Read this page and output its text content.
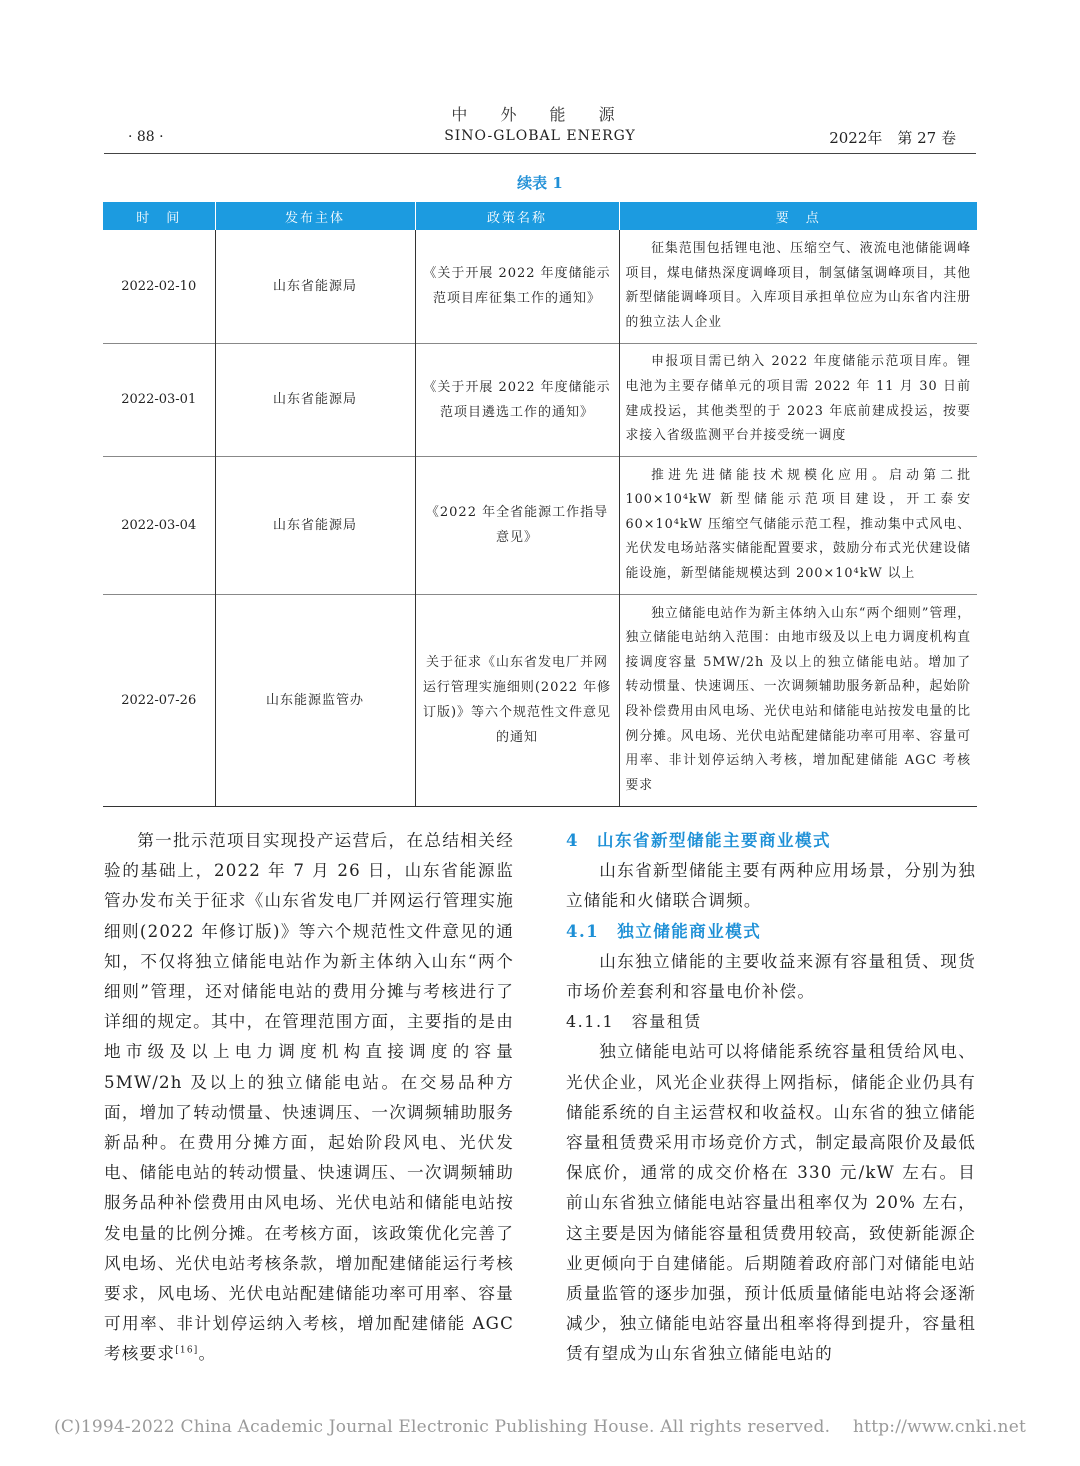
中 外 能 源
· 88 ·	SINO-GLOBAL ENERGY	2022年　第 27 卷
续表 1
时　间	发布主体	政策名称	要　点
2022-02-10	山东省能源局	《关于开展 2022 年度储能示范项目库征集工作的通知》	征集范围包括锂电池、压缩空气、液流电池储能调峰项目，煤电储热深度调峰项目，制氢储氢调峰项目，其他新型储能调峰项目。入库项目承担单位应为山东省内注册的独立法人企业

2022-03-01	山东省能源局	《关于开展 2022 年度储能示范项目遴选工作的通知》	申报项目需已纳入 2022 年度储能示范项目库。锂电池为主要存储单元的项目需 2022 年 11 月 30 日前建成投运，其他类型的于 2023 年底前建成投运，按要求接入省级监测平台并接受统一调度

2022-03-04	山东省能源局	《2022 年全省能源工作指导意见》	推进先进储能技术规模化应用。启动第二批 100×10⁴kW 新型储能示范项目建设，开工泰安 60×10⁴kW 压缩空气储能示范工程，推动集中式风电、光伏发电场站落实储能配置要求，鼓励分布式光伏建设储能设施，新型储能规模达到 200×10⁴kW 以上

2022-07-26	山东能源监管办	关于征求《山东省发电厂并网运行管理实施细则(2022 年修订版)》等六个规范性文件意见的通知	独立储能电站作为新主体纳入山东“两个细则”管理，独立储能电站纳入范围：由地市级及以上电力调度机构直接调度容量 5MW/2h 及以上的独立储能电站。增加了转动惯量、快速调压、一次调频辅助服务新品种，起始阶段补偿费用由风电场、光伏电站和储能电站按发电量的比例分摊。风电场、光伏电站配建储能功率可用率、容量可用率、非计划停运纳入考核，增加配建储能 AGC 考核要求
第一批示范项目实现投产运营后，在总结相关经验的基础上，2022 年 7 月 26 日，山东省能源监管办发布关于征求《山东省发电厂并网运行管理实施细则(2022 年修订版)》等六个规范性文件意见的通知，不仅将独立储能电站作为新主体纳入山东“两个细则”管理，还对储能电站的费用分摊与考核进行了详细的规定。其中，在管理范围方面，主要指的是由地市级及以上电力调度机构直接调度的容量 5MW/2h 及以上的独立储能电站。在交易品种方面，增加了转动惯量、快速调压、一次调频辅助服务新品种。在费用分摊方面，起始阶段风电、光伏发电、储能电站的转动惯量、快速调压、一次调频辅助服务品种补偿费用由风电场、光伏电站和储能电站按发电量的比例分摊。在考核方面，该政策优化完善了风电场、光伏电站考核条款，增加配建储能运行考核要求，风电场、光伏电站配建储能功率可用率、容量可用率、非计划停运纳入考核，增加配建储能 AGC 考核要求[16]。
4　山东省新型储能主要商业模式
山东省新型储能主要有两种应用场景，分别为独立储能和火储联合调频。
4.1　独立储能商业模式
山东独立储能的主要收益来源有容量租赁、现货市场价差套利和容量电价补偿。
4.1.1　容量租赁
独立储能电站可以将储能系统容量租赁给风电、光伏企业，风光企业获得上网指标，储能企业仍具有储能系统的自主运营权和收益权。山东省的独立储能容量租赁费采用市场竞价方式，制定最高限价及最低保底价，通常的成交价格在 330 元/kW 左右。目前山东省独立储能电站容量出租率仅为 20% 左右，这主要是因为储能容量租赁费用较高，致使新能源企业更倾向于自建储能。后期随着政府部门对储能电站质量监管的逐步加强，预计低质量储能电站将会逐渐减少，独立储能电站容量出租率将得到提升，容量租赁有望成为山东省独立储能电站的
(C)1994-2022 China Academic Journal Electronic Publishing House. All rights reserved.　 http://www.cnki.net
